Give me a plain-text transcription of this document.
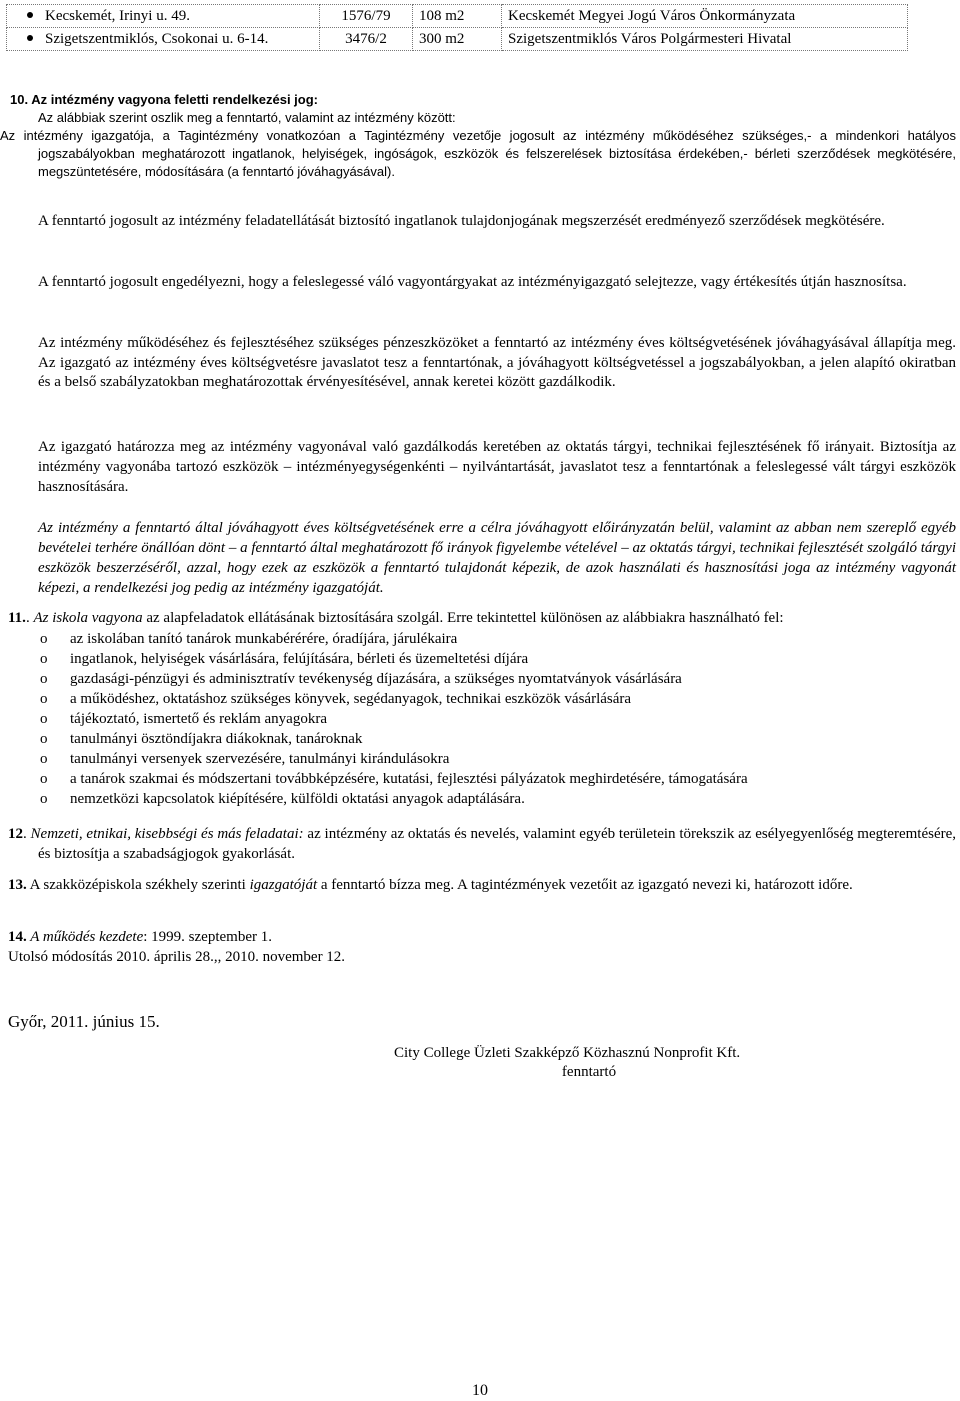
Kecskemét, Irinyi u. 49.	1576/79	108 m2	Kecskemét Megyei Jogú Város Önkormányzata
Szigetszentmiklós, Csokonai u. 6-14.	3476/2	300 m2	Szigetszentmiklós Város Polgármesteri Hivatal
10. Az intézmény vagyona feletti rendelkezési jog:
Az alábbiak szerint oszlik meg a fenntartó, valamint az intézmény között:
Az intézmény igazgatója, a Tagintézmény vonatkozóan a Tagintézmény vezetője jogosult az intézmény működéséhez szükséges,- a mindenkori hatályos jogszabályokban meghatározott ingatlanok, helyiségek, ingóságok, eszközök és felszerelések biztosítása érdekében,- bérleti szerződések megkötésére, megszüntetésére, módosítására (a fenntartó jóváhagyásával).
A fenntartó jogosult az intézmény feladatellátását biztosító ingatlanok tulajdonjogának megszerzését eredményező szerződések megkötésére.
A fenntartó jogosult engedélyezni, hogy a feleslegessé váló vagyontárgyakat az intézményigazgató selejtezze, vagy értékesítés útján hasznosítsa.
Az intézmény működéséhez és fejlesztéséhez szükséges pénzeszközöket a fenntartó az intézmény éves költségvetésének jóváhagyásával állapítja meg. Az igazgató az intézmény éves költségvetésre javaslatot tesz a fenntartónak, a jóváhagyott költségvetéssel a jogszabályokban, a jelen alapító okiratban és a belső szabályzatokban meghatározottak érvényesítésével, annak keretei között gazdálkodik.
Az igazgató határozza meg az intézmény vagyonával való gazdálkodás keretében az oktatás tárgyi, technikai fejlesztésének fő irányait. Biztosítja az intézmény vagyonába tartozó eszközök – intézményegységenkénti – nyilvántartását, javaslatot tesz a fenntartónak a feleslegessé vált tárgyi eszközök hasznosítására.
Az intézmény a fenntartó által jóváhagyott éves költségvetésének erre a célra jóváhagyott előirányzatán belül, valamint az abban nem szereplő egyéb bevételei terhére önállóan dönt – a fenntartó által meghatározott fő irányok figyelembe vételével – az oktatás tárgyi, technikai fejlesztését szolgáló tárgyi eszközök beszerzéséről, azzal, hogy ezek az eszközök a fenntartó tulajdonát képezik, de azok használati és hasznosítási joga az intézmény vagyonát képezi, a rendelkezési jog pedig az intézmény igazgatóját.
11.. Az iskola vagyona az alapfeladatok ellátásának biztosítására szolgál. Erre tekintettel különösen az alábbiakra használható fel:
o az iskolában tanító tanárok munkabérérére, óradíjára, járulékaira
o ingatlanok, helyiségek vásárlására, felújítására, bérleti és üzemeltetési díjára
o gazdasági-pénzügyi és adminisztratív tevékenység díjazására, a szükséges nyomtatványok vásárlására
o a működéshez, oktatáshoz szükséges könyvek, segédanyagok, technikai eszközök vásárlására
o tájékoztató, ismertető és reklám anyagokra
o tanulmányi ösztöndíjakra diákoknak, tanároknak
o tanulmányi versenyek szervezésére, tanulmányi kirándulásokra
o a tanárok szakmai és módszertani továbbképzésére, kutatási, fejlesztési pályázatok meghirdetésére, támogatására
o nemzetközi kapcsolatok kiépítésére, külföldi oktatási anyagok adaptálására.
12. Nemzeti, etnikai, kisebbségi és más feladatai: az intézmény az oktatás és nevelés, valamint egyéb területein törekszik az esélyegyenlőség megteremtésére, és biztosítja a szabadságjogok gyakorlását.
13. A szakközépiskola székhely szerinti igazgatóját a fenntartó bízza meg. A tagintézmények vezetőit az igazgató nevezi ki, határozott időre.
14. A működés kezdete: 1999. szeptember 1.
Utolsó módosítás 2010. április 28.,, 2010. november 12.
Győr, 2011. június 15.
City College Üzleti Szakképző Közhasznú Nonprofit Kft.
fenntartó
10
